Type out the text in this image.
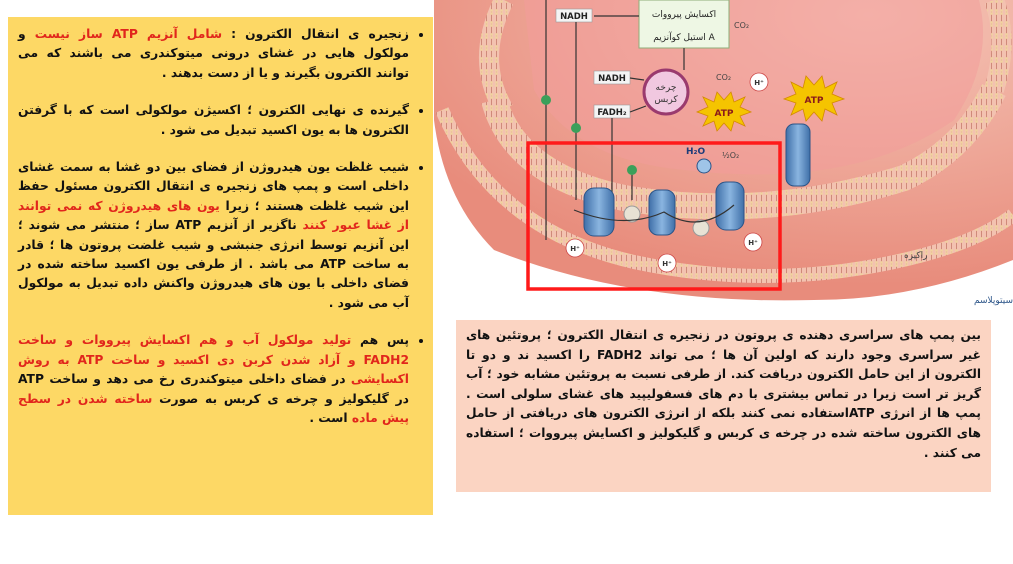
• زنجیره ی انتقال الکترون : شامل آنزیم ATP ساز نیست و مولکول هایی در غشای درونی میتوکندری می باشند که می توانند الکترون بگیرند و یا از دست بدهند .
• گیرنده ی نهایی الکترون ؛ اکسیژن مولکولی است که با گرفتن الکترون ها به یون اکسید تبدیل می شود .
• شیب غلظت یون هیدروژن از فضای بین دو غشا به سمت غشای داخلی است و پمپ های زنجیره ی انتقال الکترون مسئول حفظ این شیب غلظت هستند ؛ زیرا یون های هیدروژن که نمی توانند از غشا عبور کنند ناگزیر از آنزیم ATP ساز ؛ منتشر می شوند ؛ این آنزیم توسط انرژی جنبشی و شیب غلضت پروتون ها ؛ قادر به ساخت ATP می باشد . از طرفی یون اکسید ساخته شده در فضای داخلی با یون های هیدروژن واکنش داده تبدیل به مولکول آب می شود .
• پس هم تولید مولکول آب و هم اکسایش پیرووات و ساخت FADH2 و آزاد شدن کربن دی اکسید و ساخت ATP به روش اکسایشی در فضای داخلی میتوکندری رخ می دهد و ساخت ATP در گلیکولیز و چرخه ی کربس به صورت ساخته شدن در سطح پیش ماده است .
اکسایش پیرووات
استیل کوآنزیم A
CO₂
NADH
NADH
FADH₂
CO₂
چرخه
کربس
ATP
ATP
H₂O ½O₂
H⁺
H⁺
H⁺
H⁺
راکیزه
سیتوپلاسم
بین پمپ های سراسری دهنده ی پروتون در زنجیره ی انتقال الکترون ؛ پروتئین های غیر سراسری وجود دارند که اولین آن ها ؛ می تواند FADH2 را اکسید ند و دو تا الکترون از این حامل الکترون دریافت کند. از طرفی نسبت به پروتئین مشابه خود ؛ آب گریز تر است زیرا در تماس بیشتری با دم های فسفولیپید های غشای سلولی است . پمپ ها از انرژی ATPاستفاده نمی کنند بلکه از انرژی الکترون های دریافتی از حامل های الکترون ساخته شده در چرخه ی کربس و گلیکولیز و اکسایش پیرووات ؛ استفاده می کنند .
